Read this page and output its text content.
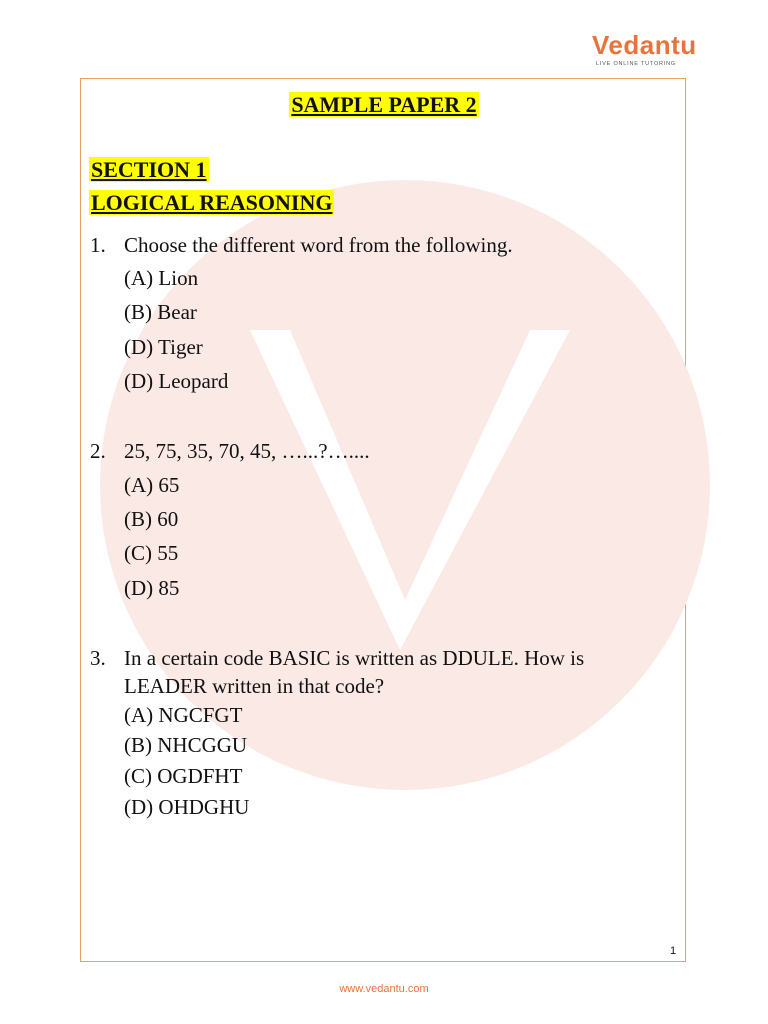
Vedantu
LIVE ONLINE TUTORING
SAMPLE PAPER 2
SECTION 1
LOGICAL REASONING
1. Choose the different word from the following.
(A) Lion
(B) Bear
(D) Tiger
(D) Leopard
2. 25, 75, 35, 70, 45, …...?…....
(A) 65
(B) 60
(C) 55
(D) 85
3. In a certain code BASIC is written as DDULE. How is
LEADER written in that code?
(A) NGCFGT
(B) NHCGGU
(C) OGDFHT
(D) OHDGHU
1
www.vedantu.com
